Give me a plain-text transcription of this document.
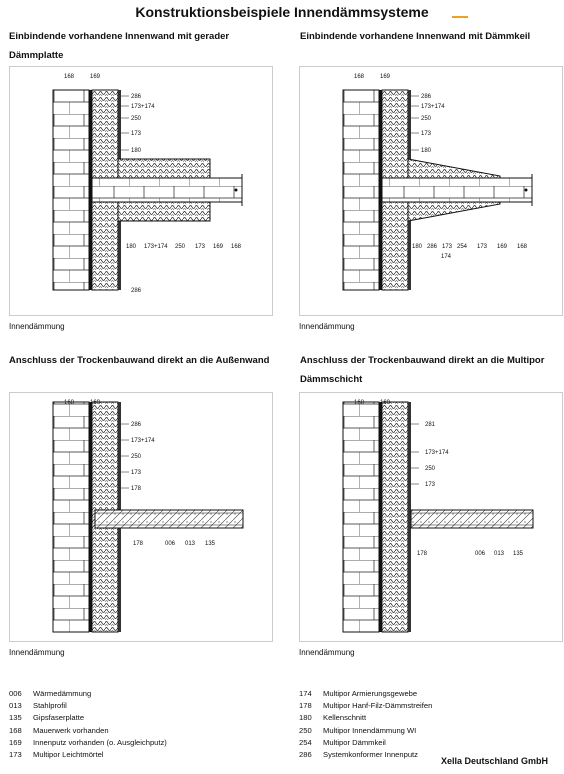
Konstruktionsbeispiele Innendämmsysteme
Einbindende vorhandene Innenwand mit gerader Dämmplatte
Einbindende vorhandene Innenwand mit Dämmkeil
Anschluss der Trockenbauwand direkt an die Außenwand	Anschluss der Trockenbauwand direkt an die Multipor Dämmschicht
168	169
286
173+174
250
173
180
180 173+174 250 173 169 168
286
168	169
286
173+174
250
173
180
180 286 173 254 173 169 168
174
168	169
286
173+174
250
173
178
178	006 013 135
168	169
281
173+174
250
173
178	006 013 135
Innendämmung	Innendämmung
Innendämmung	Innendämmung
006 Wärmedämmung
013 Stahlprofil
135 Gipsfaserplatte
168 Mauerwerk vorhanden
169 Innenputz vorhanden (o. Ausgleichputz)
173 Multipor Leichtmörtel
174 Multipor Armierungsgewebe
178 Multipor Hanf-Filz-Dämmstreifen
180 Kellenschnitt
250 Multipor Innendämmung WI
254 Multipor Dämmkeil
286 Systemkonformer Innenputz
Xella Deutschland GmbH
